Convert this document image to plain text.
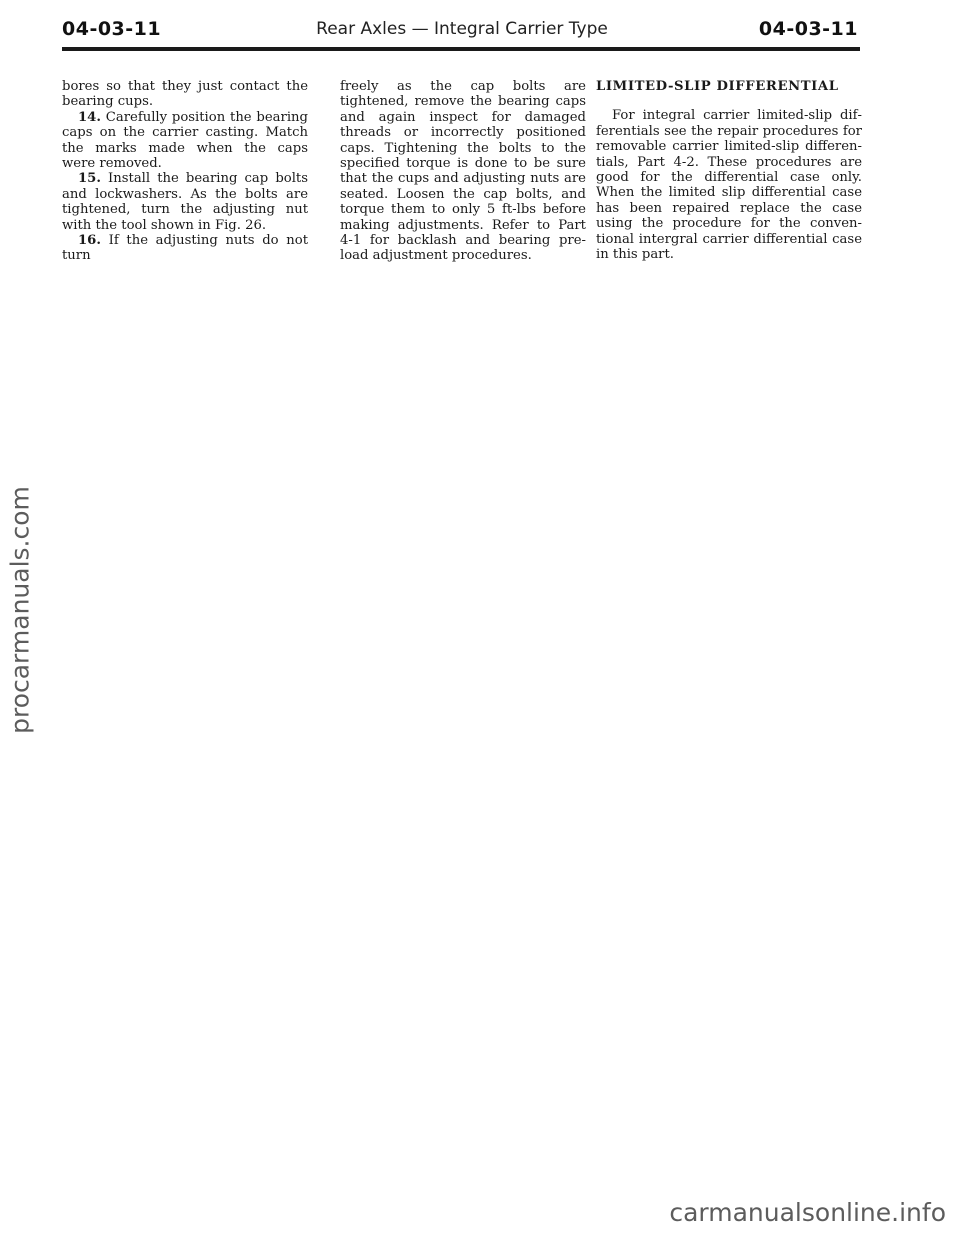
04-03-11	Rear Axles — Integral Carrier Type	04-03-11

bores so that they just contact the bearing cups.

14. Carefully position the bearing caps on the carrier casting. Match the marks made when the caps were removed.

15. Install the bearing cap bolts and lockwashers. As the bolts are tightened, turn the adjusting nut with the tool shown in Fig. 26.

16. If the adjusting nuts do not turn

freely as the cap bolts are tightened, remove the bearing caps and again inspect for damaged threads or incorrectly positioned caps. Tightening the bolts to the specified torque is done to be sure that the cups and adjusting nuts are seated. Loosen the cap bolts, and torque them to only 5 ft-lbs before making adjustments. Refer to Part 4-1 for backlash and bearing preload adjustment procedures.

LIMITED-SLIP DIFFERENTIAL

For integral carrier limited-slip differentials see the repair procedures for removable carrier limited-slip differentials, Part 4-2. These procedures are good for the differential case only. When the limited slip differential case has been repaired replace the case using the procedure for the conventional intergral carrier differential case in this part.

procarmanuals.com
carmanualsonline.info
